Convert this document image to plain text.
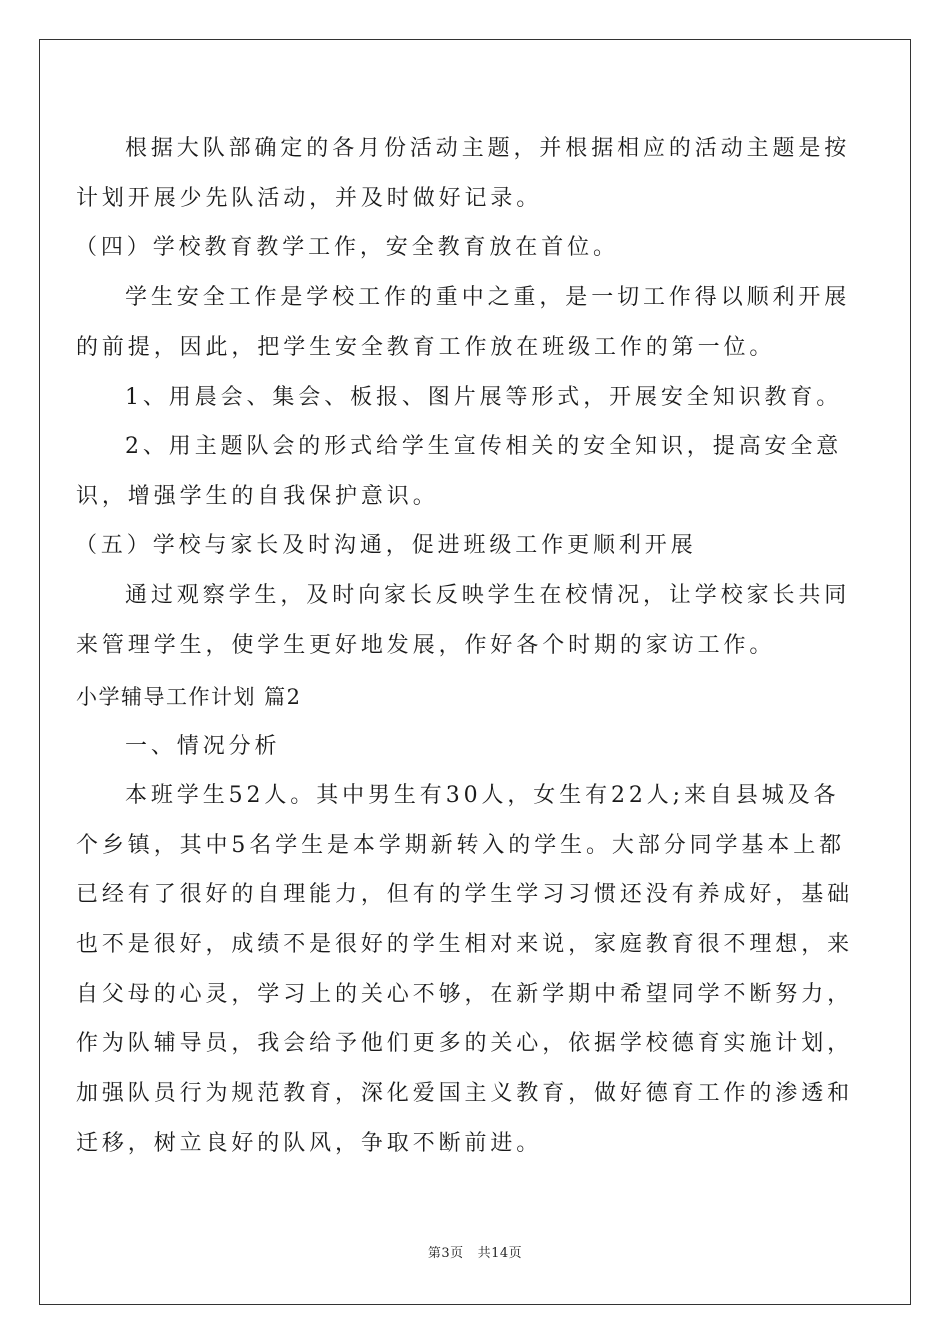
根据大队部确定的各月份活动主题，并根据相应的活动主题是按

计划开展少先队活动，并及时做好记录。

（四）学校教育教学工作，安全教育放在首位。

学生安全工作是学校工作的重中之重，是一切工作得以顺利开展

的前提，因此，把学生安全教育工作放在班级工作的第一位。

1、用晨会、集会、板报、图片展等形式，开展安全知识教育。

2、用主题队会的形式给学生宣传相关的安全知识，提高安全意

识，增强学生的自我保护意识。

（五）学校与家长及时沟通，促进班级工作更顺利开展

通过观察学生，及时向家长反映学生在校情况，让学校家长共同

来管理学生，使学生更好地发展，作好各个时期的家访工作。

小学辅导工作计划 篇2

一、情况分析

本班学生52人。其中男生有30人，女生有22人;来自县城及各

个乡镇，其中5名学生是本学期新转入的学生。大部分同学基本上都

已经有了很好的自理能力，但有的学生学习习惯还没有养成好，基础

也不是很好，成绩不是很好的学生相对来说，家庭教育很不理想，来

自父母的心灵，学习上的关心不够，在新学期中希望同学不断努力，

作为队辅导员，我会给予他们更多的关心，依据学校德育实施计划，

加强队员行为规范教育，深化爱国主义教育，做好德育工作的渗透和

迁移，树立良好的队风，争取不断前进。

第3页 共14页
